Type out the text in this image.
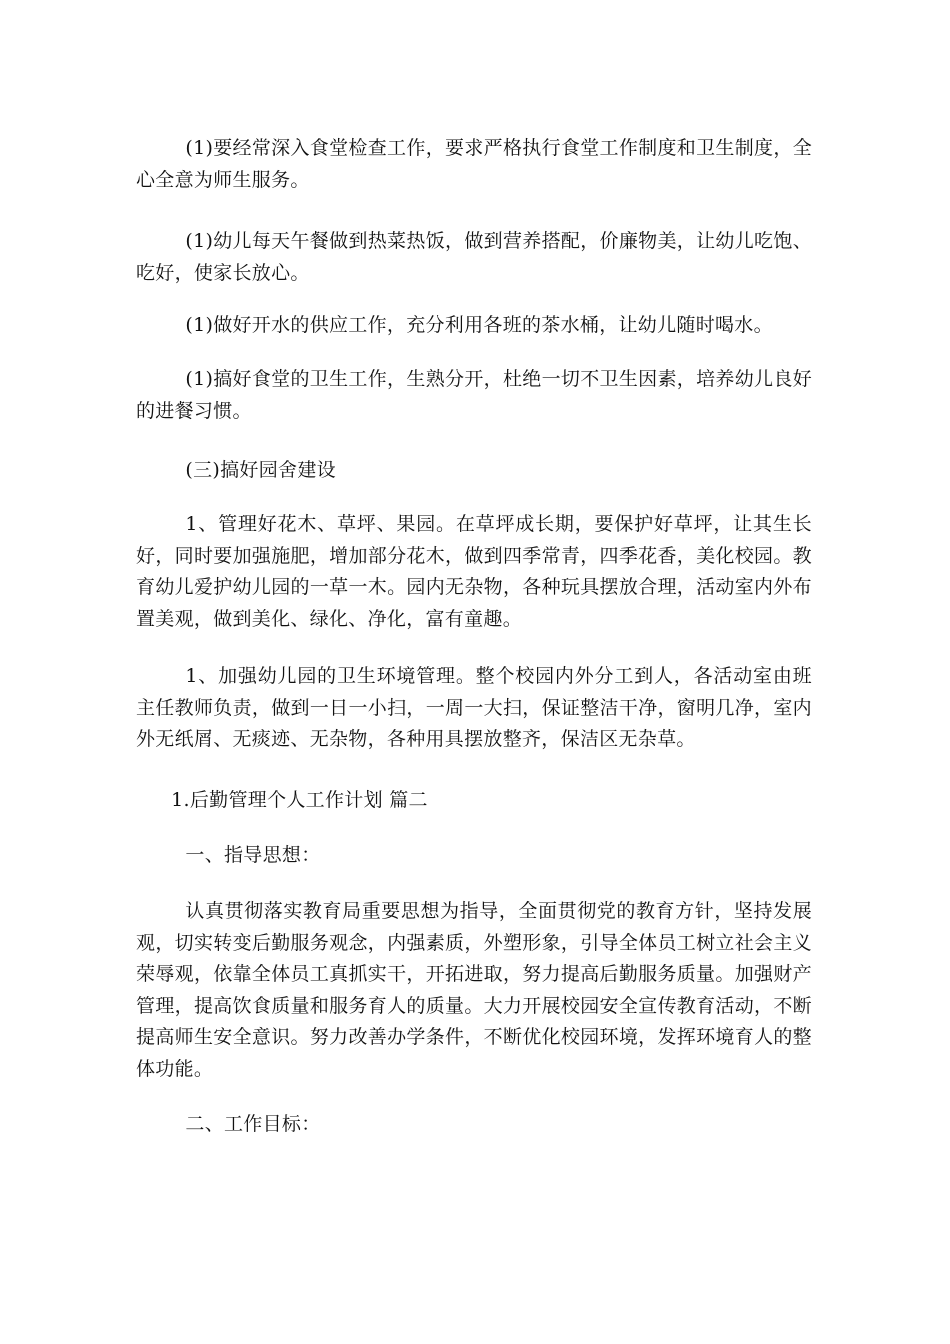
(1)要经常深入食堂检查工作，要求严格执行食堂工作制度和卫生制度，全心全意为师生服务。

(1)幼儿每天午餐做到热菜热饭，做到营养搭配，价廉物美，让幼儿吃饱、吃好，使家长放心。

(1)做好开水的供应工作，充分利用各班的茶水桶，让幼儿随时喝水。

(1)搞好食堂的卫生工作，生熟分开，杜绝一切不卫生因素，培养幼儿良好的进餐习惯。

(三)搞好园舍建设

1、管理好花木、草坪、果园。在草坪成长期，要保护好草坪，让其生长好，同时要加强施肥，增加部分花木，做到四季常青，四季花香，美化校园。教育幼儿爱护幼儿园的一草一木。园内无杂物，各种玩具摆放合理，活动室内外布置美观，做到美化、绿化、净化，富有童趣。

1、加强幼儿园的卫生环境管理。整个校园内外分工到人，各活动室由班主任教师负责，做到一日一小扫，一周一大扫，保证整洁干净，窗明几净，室内外无纸屑、无痰迹、无杂物，各种用具摆放整齐，保洁区无杂草。

1.后勤管理个人工作计划 篇二

一、指导思想：

认真贯彻落实教育局重要思想为指导，全面贯彻党的教育方针，坚持发展观，切实转变后勤服务观念，内强素质，外塑形象，引导全体员工树立社会主义荣辱观，依靠全体员工真抓实干，开拓进取，努力提高后勤服务质量。加强财产管理，提高饮食质量和服务育人的质量。大力开展校园安全宣传教育活动，不断提高师生安全意识。努力改善办学条件，不断优化校园环境，发挥环境育人的整体功能。

二、工作目标：
